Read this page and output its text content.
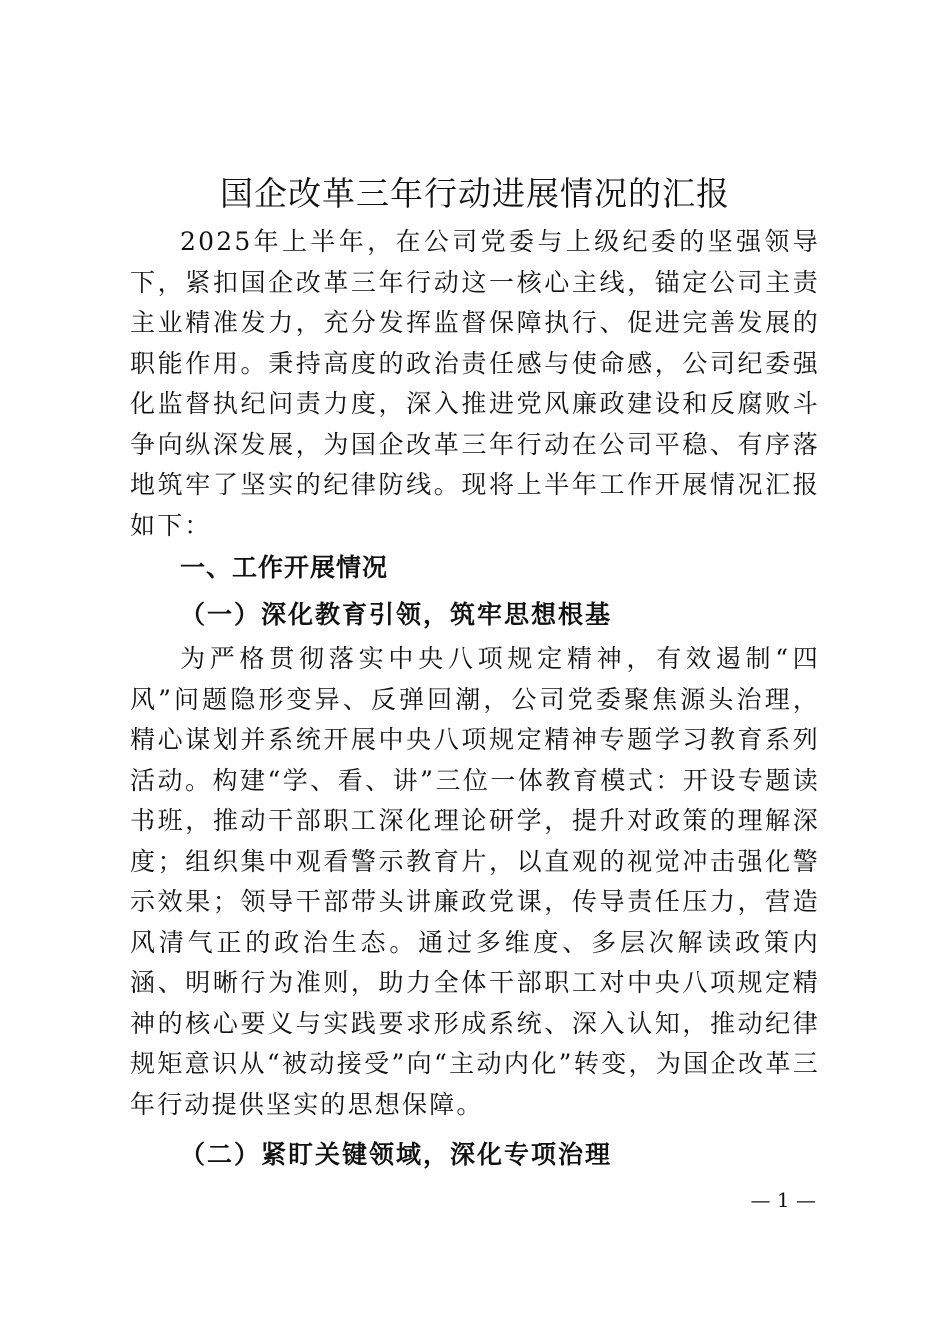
国企改革三年行动进展情况的汇报

2025年上半年，在公司党委与上级纪委的坚强领导下，紧扣国企改革三年行动这一核心主线，锚定公司主责主业精准发力，充分发挥监督保障执行、促进完善发展的职能作用。秉持高度的政治责任感与使命感，公司纪委强化监督执纪问责力度，深入推进党风廉政建设和反腐败斗争向纵深发展，为国企改革三年行动在公司平稳、有序落地筑牢了坚实的纪律防线。现将上半年工作开展情况汇报如下：

一、工作开展情况

（一）深化教育引领，筑牢思想根基

为严格贯彻落实中央八项规定精神，有效遏制“四风”问题隐形变异、反弹回潮，公司党委聚焦源头治理，精心谋划并系统开展中央八项规定精神专题学习教育系列活动。构建“学、看、讲”三位一体教育模式：开设专题读书班，推动干部职工深化理论研学，提升对政策的理解深度；组织集中观看警示教育片，以直观的视觉冲击强化警示效果；领导干部带头讲廉政党课，传导责任压力，营造风清气正的政治生态。通过多维度、多层次解读政策内涵、明晰行为准则，助力全体干部职工对中央八项规定精神的核心要义与实践要求形成系统、深入认知，推动纪律规矩意识从“被动接受”向“主动内化”转变，为国企改革三年行动提供坚实的思想保障。

（二）紧盯关键领域，深化专项治理

— 1 —
